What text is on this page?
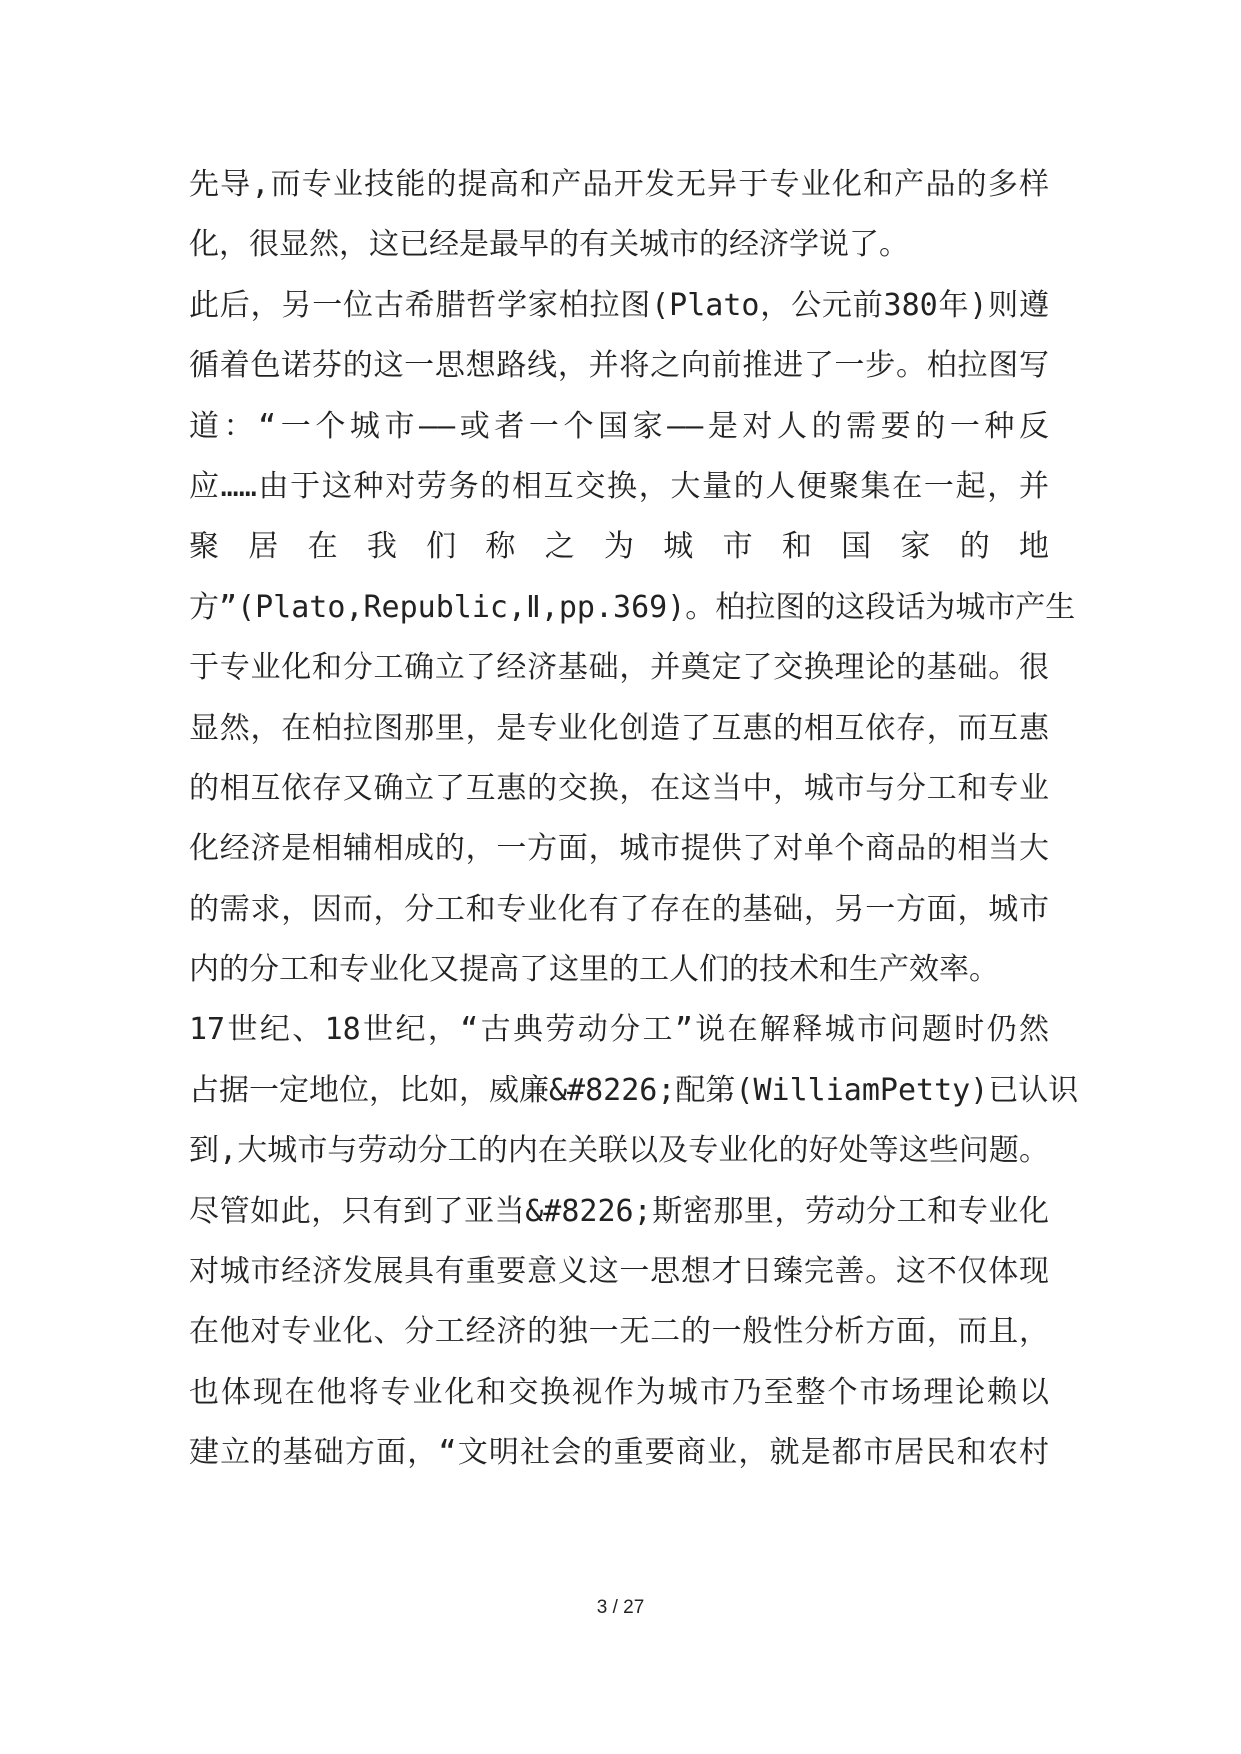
先导,而专业技能的提高和产品开发无异于专业化和产品的多样
化，很显然，这已经是最早的有关城市的经济学说了。
此后，另一位古希腊哲学家柏拉图(Plato，公元前380年)则遵
循着色诺芬的这一思想路线，并将之向前推进了一步。柏拉图写
道：“一个城市——或者一个国家——是对人的需要的一种反
应……由于这种对劳务的相互交换，大量的人便聚集在一起，并
聚居在我们称之为城市和国家的地
方”(Plato,Republic,Ⅱ,pp.369)。柏拉图的这段话为城市产生
于专业化和分工确立了经济基础，并奠定了交换理论的基础。很
显然，在柏拉图那里，是专业化创造了互惠的相互依存，而互惠
的相互依存又确立了互惠的交换，在这当中，城市与分工和专业
化经济是相辅相成的，一方面，城市提供了对单个商品的相当大
的需求，因而，分工和专业化有了存在的基础，另一方面，城市
内的分工和专业化又提高了这里的工人们的技术和生产效率。
17世纪、18世纪，“古典劳动分工”说在解释城市问题时仍然
占据一定地位，比如，威廉&#8226;配第(WilliamPetty)已认识
到,大城市与劳动分工的内在关联以及专业化的好处等这些问题。
尽管如此，只有到了亚当&#8226;斯密那里，劳动分工和专业化
对城市经济发展具有重要意义这一思想才日臻完善。这不仅体现
在他对专业化、分工经济的独一无二的一般性分析方面，而且，
也体现在他将专业化和交换视作为城市乃至整个市场理论赖以
建立的基础方面，“文明社会的重要商业，就是都市居民和农村
3 / 27
